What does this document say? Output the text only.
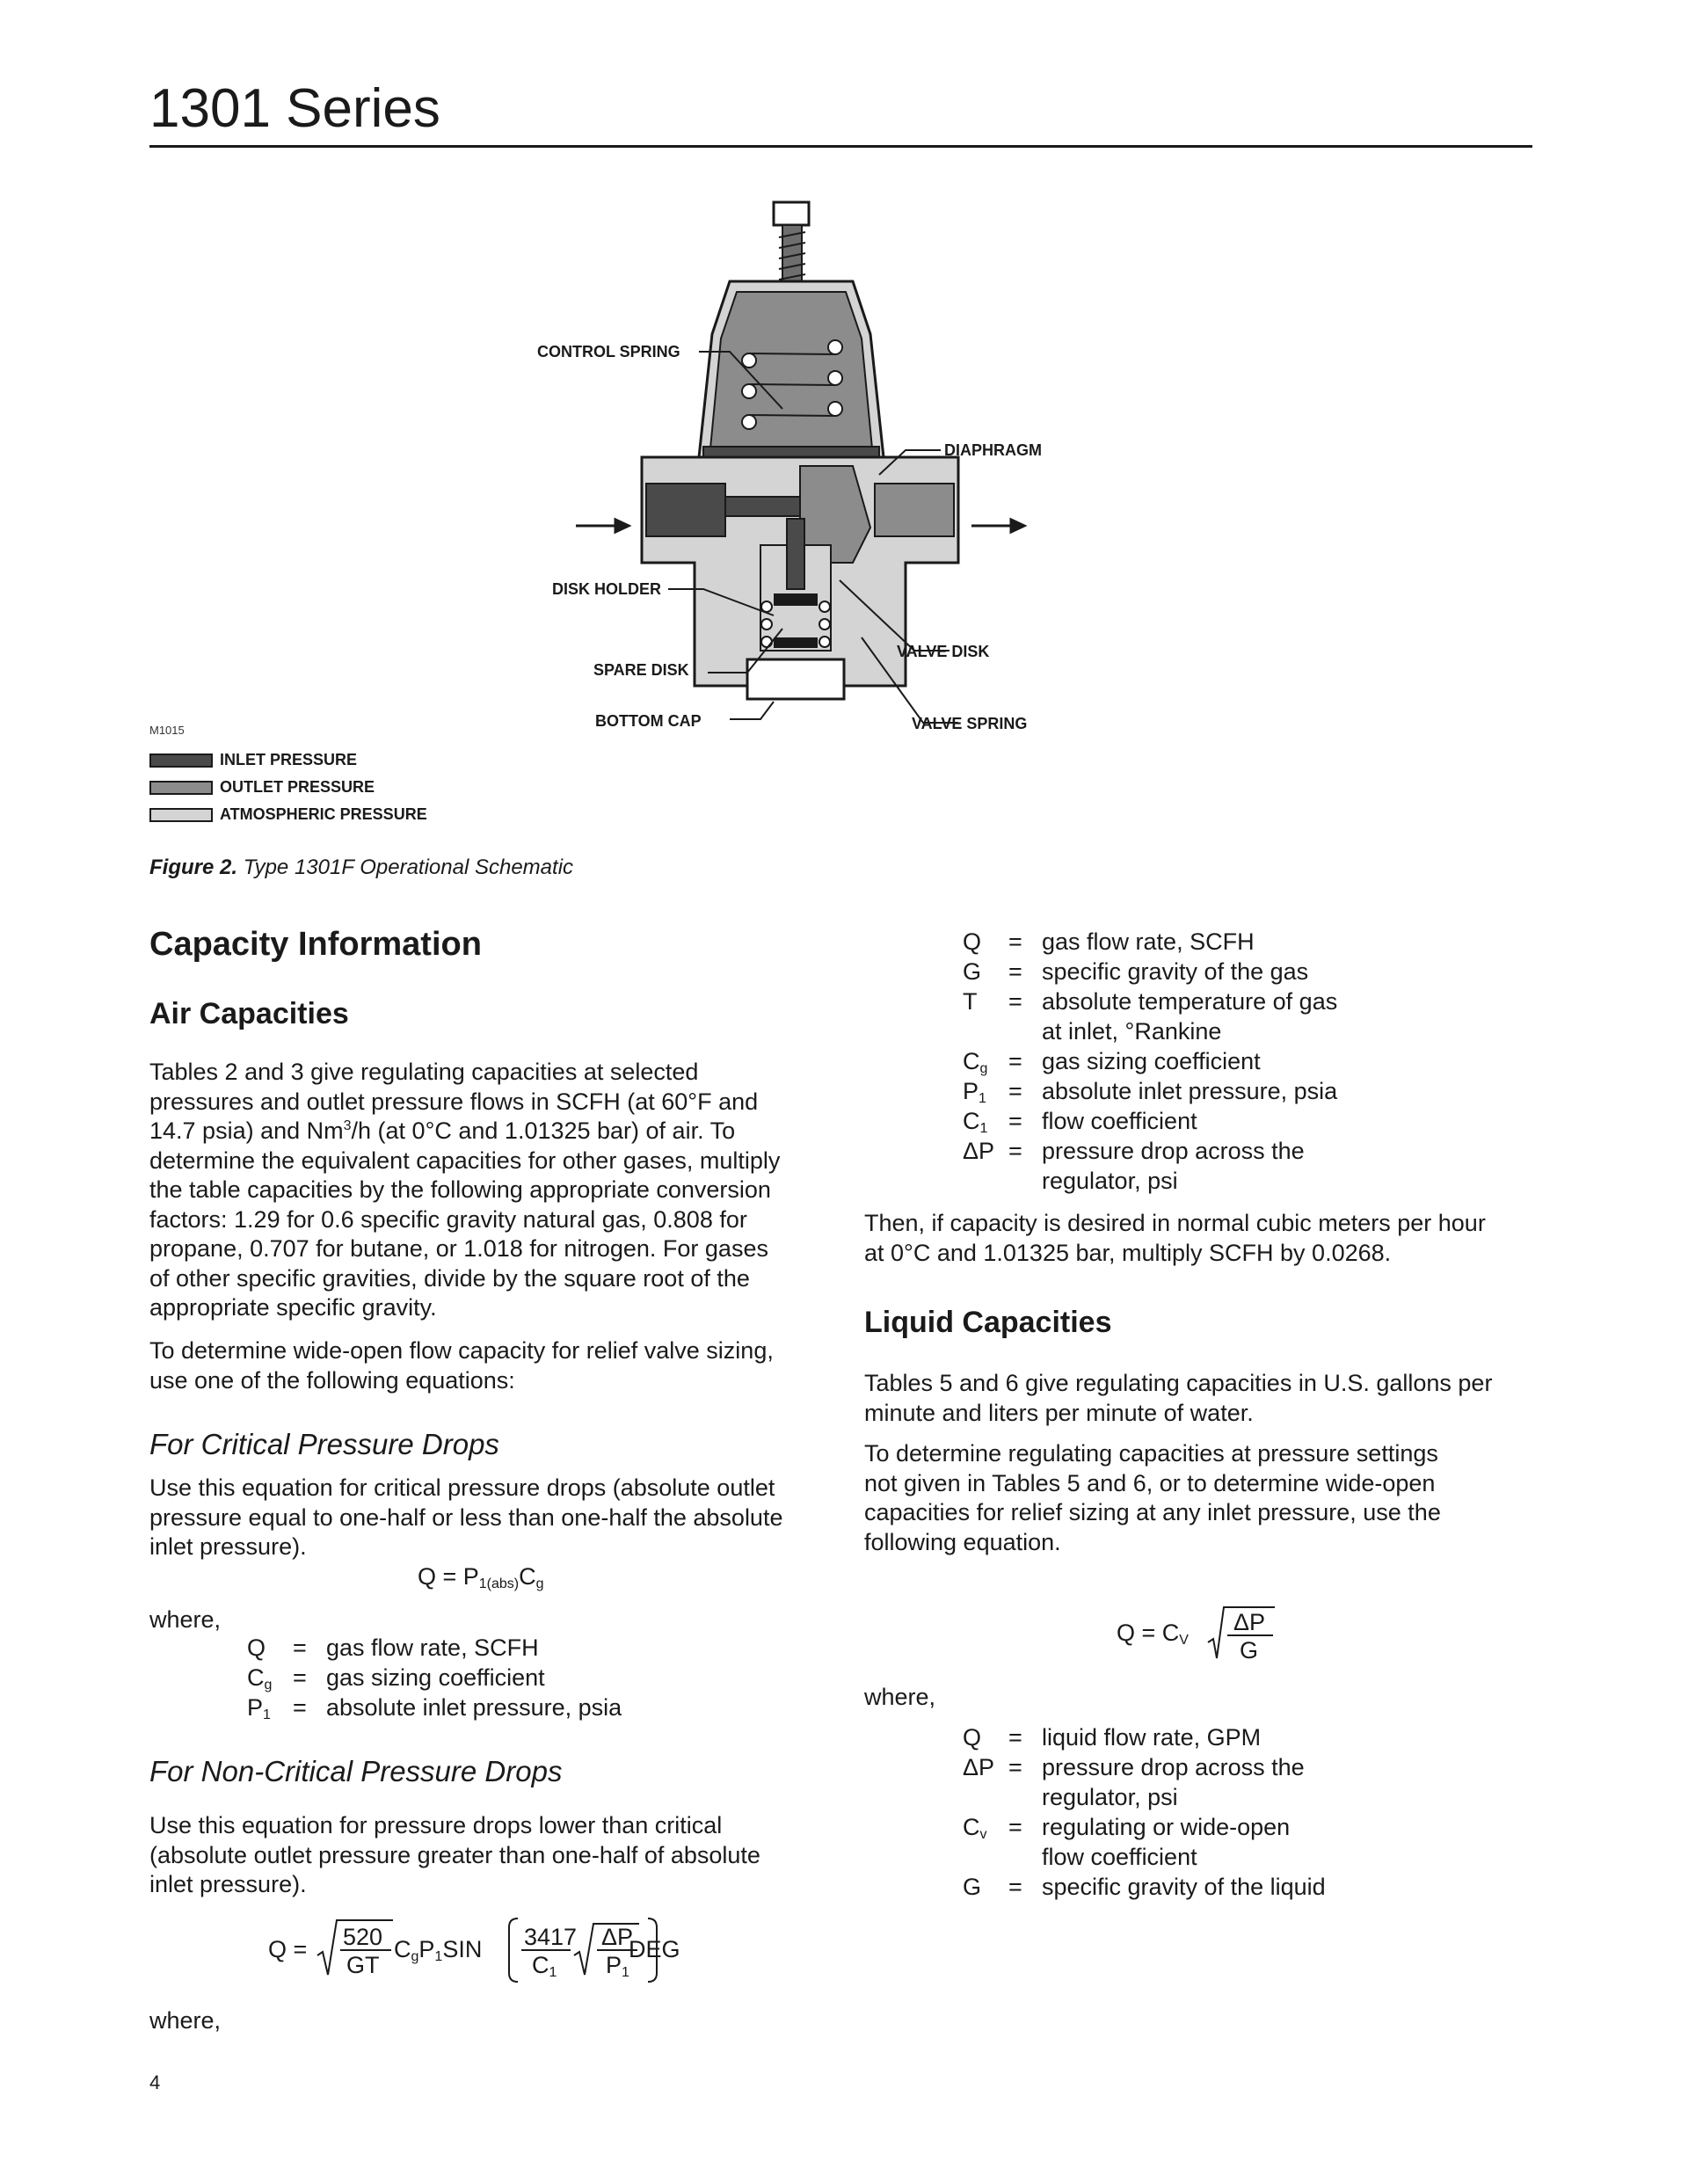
1301 Series
CONTROL SPRING
DIAPHRAGM
DISK HOLDER
VALVE DISK
SPARE DISK
BOTTOM CAP	VALVE SPRING
M1015
INLET PRESSURE
OUTLET PRESSURE
ATMOSPHERIC PRESSURE
Figure 2. Type 1301F Operational Schematic
Capacity Information
Air Capacities
Tables 2 and 3 give regulating capacities at selected
pressures and outlet pressure flows in SCFH (at 60°F and
14.7 psia) and Nm$^3$/h (at 0°C and 1.01325 bar) of air. To
determine the equivalent capacities for other gases, multiply
the table capacities by the following appropriate conversion
factors: 1.29 for 0.6 specific gravity natural gas, 0.808 for
propane, 0.707 for butane, or 1.018 for nitrogen. For gases
of other specific gravities, divide by the square root of the
appropriate specific gravity.
To determine wide-open flow capacity for relief valve sizing,
use one of the following equations:
For Critical Pressure Drops
Use this equation for critical pressure drops (absolute outlet
pressure equal to one-half or less than one-half the absolute
inlet pressure).
$Q = P_{1(abs)}C_g$
where,
Q	= gas flow rate, SCFH
$C_g$ = gas sizing coefficient
$P_1$ = absolute inlet pressure, psia
For Non-Critical Pressure Drops
Use this equation for pressure drops lower than critical
(absolute outlet pressure greater than one-half of absolute
inlet pressure).
Q = 520
GT
$C_gP_1SIN$ 3417
$C_1$
ΔP
$P_1$
DEG
where,
Q	= gas flow rate, SCFH
G	= specific gravity of the gas
T	= absolute temperature of gas
at inlet, °Rankine
$C_g$ = gas sizing coefficient
$P_1$ = absolute inlet pressure, psia
$C_1$ = flow coefficient
ΔP = pressure drop across the
regulator, psi
Then, if capacity is desired in normal cubic meters per hour
at 0°C and 1.01325 bar, multiply SCFH by 0.0268.
Liquid Capacities
Tables 5 and 6 give regulating capacities in U.S. gallons per
minute and liters per minute of water.
To determine regulating capacities at pressure settings
not given in Tables 5 and 6, or to determine wide-open
capacities for relief sizing at any inlet pressure, use the
following equation.
$Q = C_V$
ΔP
G
where,
Q	= liquid flow rate, GPM
ΔP = pressure drop across the
regulator, psi
$C_v$ = regulating or wide-open
flow coefficient
G	= specific gravity of the liquid
4
